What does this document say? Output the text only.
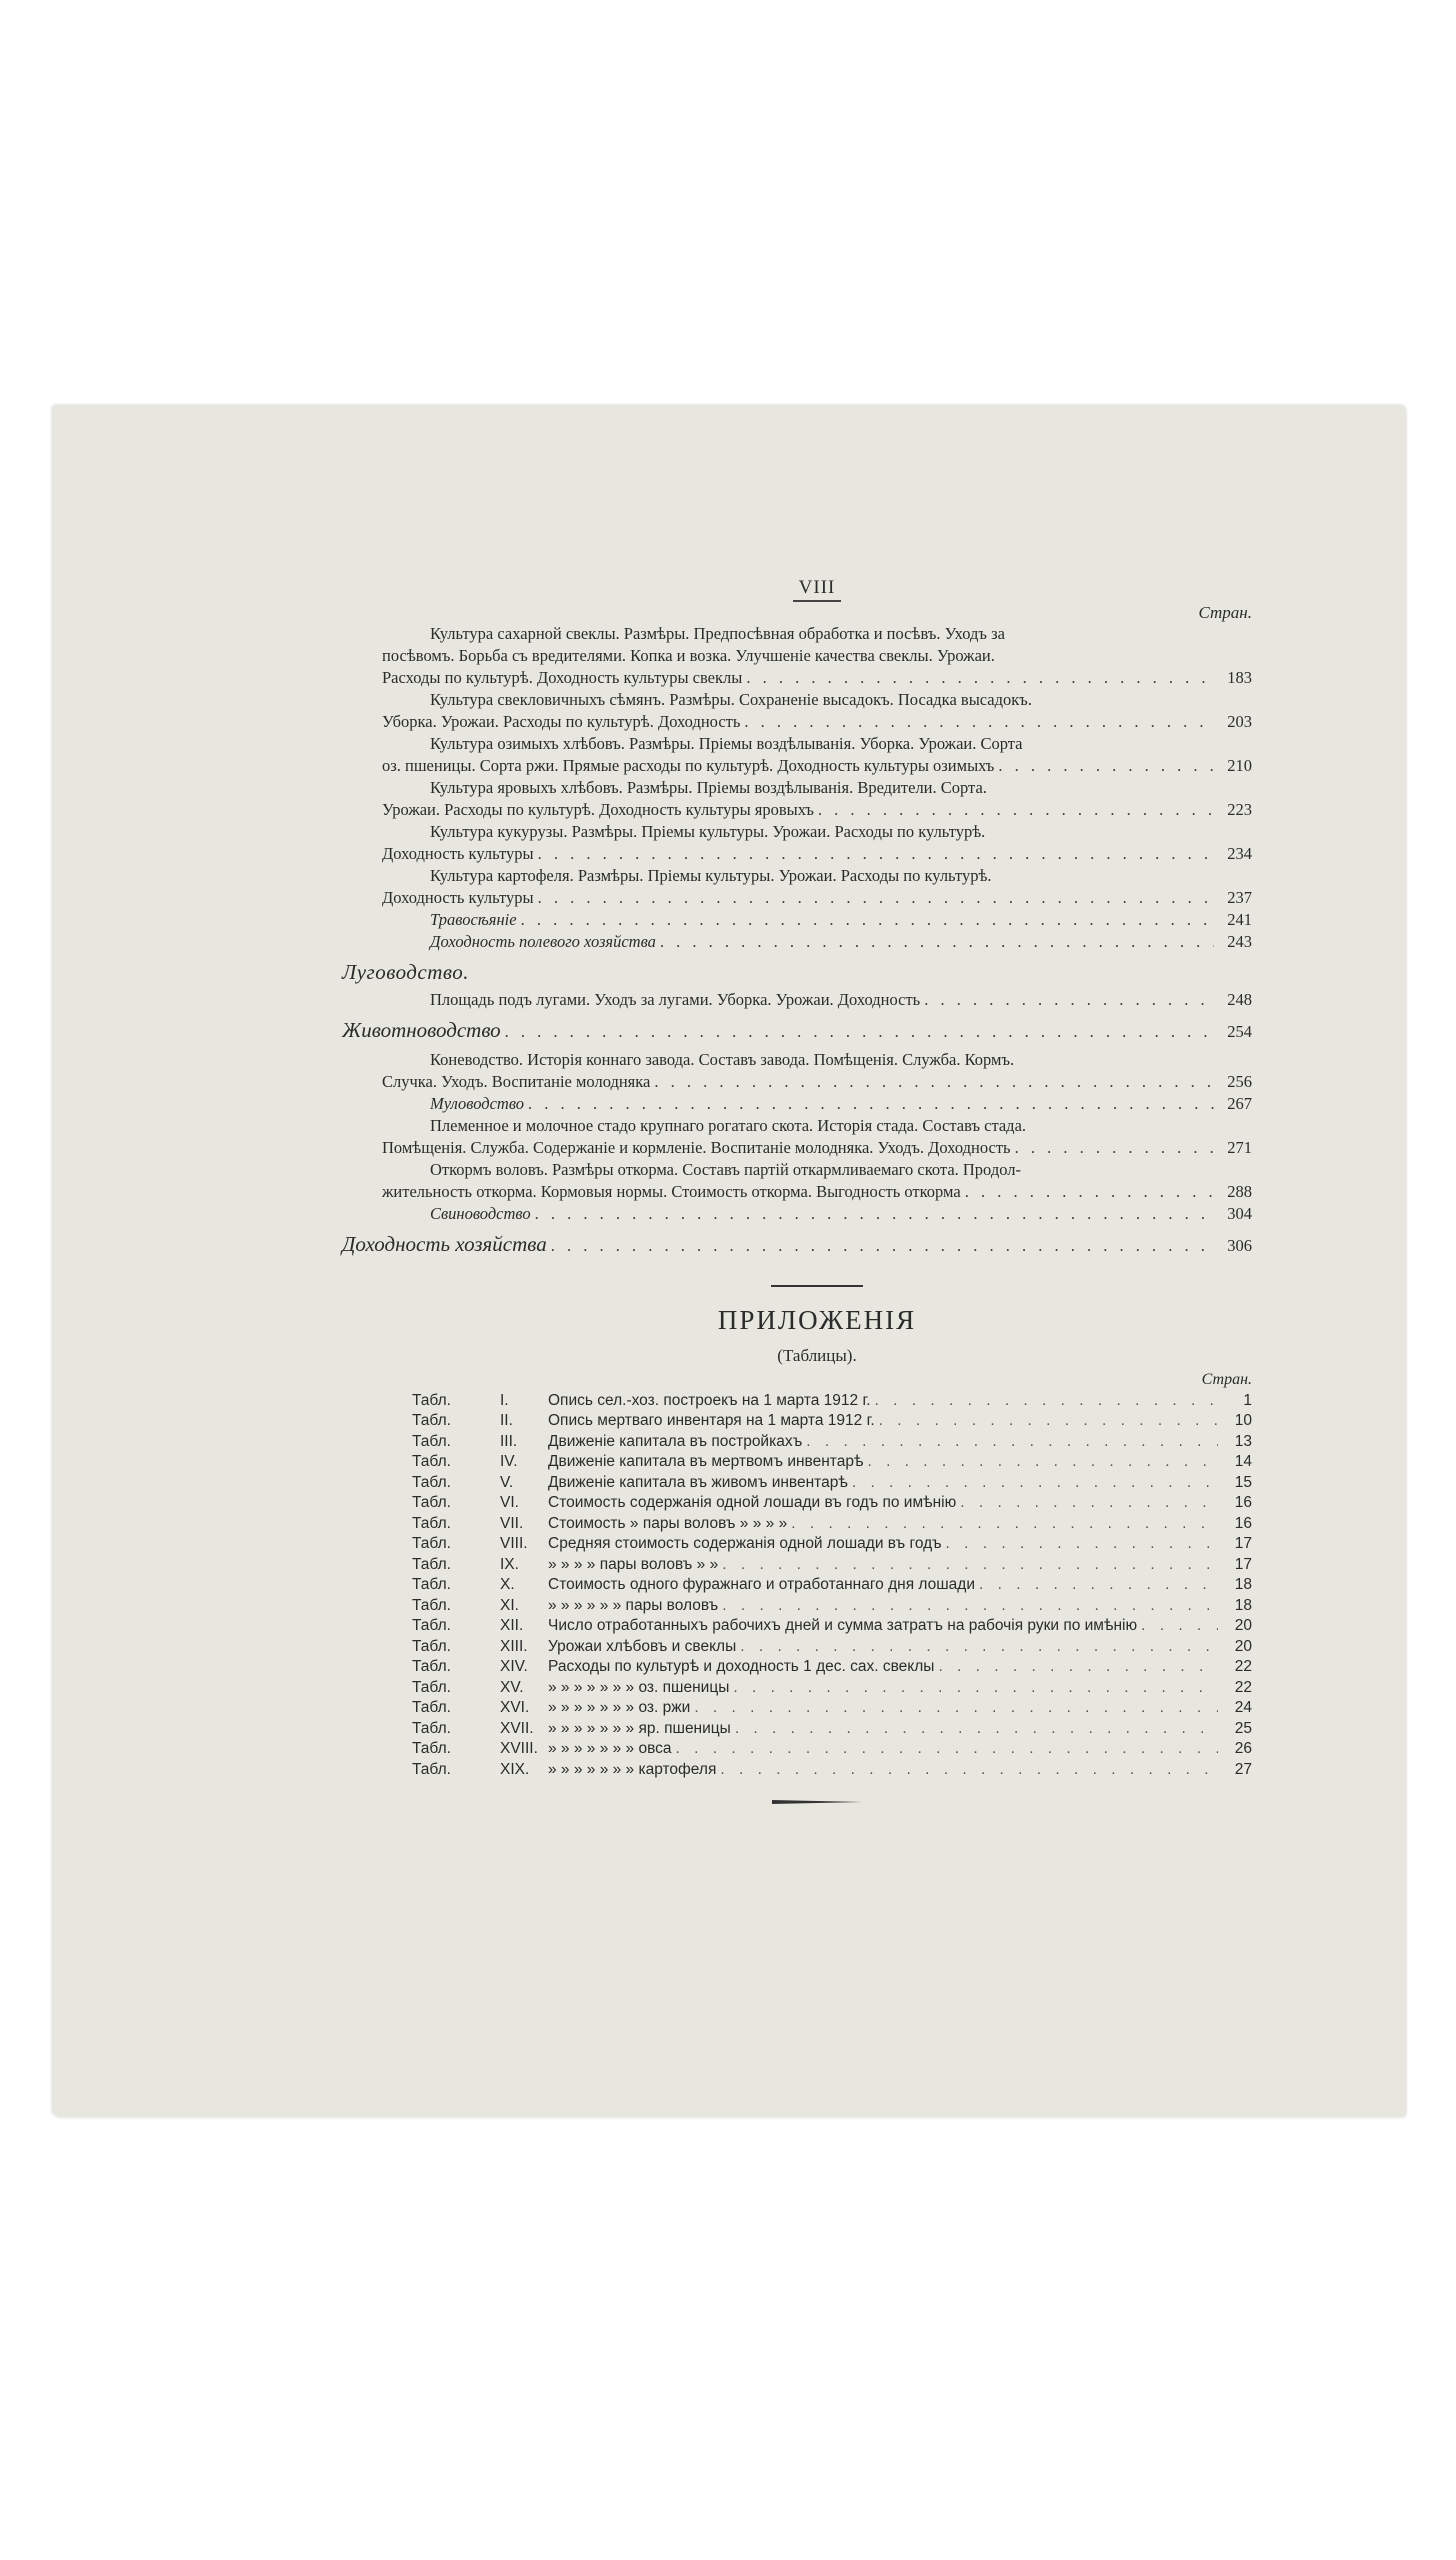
VIII
Стран.
Культура сахарной свеклы. Размѣры. Предпосѣвная обработка и посѣвъ. Уходъ за
посѣвомъ. Борьба съ вредителями. Копка и возка. Улучшеніе качества свеклы. Урожаи.
Расходы по культурѣ. Доходность культуры свеклы . . .	183
Культура свекловичныхъ сѣмянъ. Размѣры. Сохраненіе высадокъ. Посадка высадокъ.
Уборка. Урожаи. Расходы по культурѣ. Доходность . . .	203
Культура озимыхъ хлѣбовъ. Размѣры. Пріемы воздѣлыванія. Уборка. Урожаи. Сорта
оз. пшеницы. Сорта ржи. Прямые расходы по культурѣ. Доходность культуры озимыхъ . . .	210
Культура яровыхъ хлѣбовъ. Размѣры. Пріемы воздѣлыванія. Вредители. Сорта.
Урожаи. Расходы по культурѣ. Доходность культуры яровыхъ . . .	223
Культура кукурузы. Размѣры. Пріемы культуры. Урожаи. Расходы по культурѣ.
Доходность культуры . . .	234
Культура картофеля. Размѣры. Пріемы культуры. Урожаи. Расходы по культурѣ.
Доходность культуры . . .	237
Травосѣяніе . . .	241
Доходность полевого хозяйства . . .	243
Луговодство.
Площадь подъ лугами. Уходъ за лугами. Уборка. Урожаи. Доходность . . .	248
Животноводство . . .	254
Коневодство. Исторія коннаго завода. Составъ завода. Помѣщенія. Служба. Кормъ.
Случка. Уходъ. Воспитаніе молодняка . . .	256
Муловодство . . .	267
Племенное и молочное стадо крупнаго рогатаго скота. Исторія стада. Составъ стада.
Помѣщенія. Служба. Содержаніе и кормленіе. Воспитаніе молодняка. Уходъ. Доходность . . .	271
Откормъ воловъ. Размѣры откорма. Составъ партій откармливаемаго скота. Продол-
жительность откорма. Кормовыя нормы. Стоимость откорма. Выгодность откорма . . .	288
Свиноводство . . .	304
Доходность хозяйства . . .	306
ПРИЛОЖЕНІЯ
(Таблицы).
Стран.
Табл.	I.	Опись сел.-хоз. построекъ на 1 марта 1912 г. . . .	1
Табл.	II.	Опись мертваго инвентаря на 1 марта 1912 г. . . .	10
Табл.	III.	Движеніе капитала въ постройкахъ . . .	13
Табл.	IV.	Движеніе капитала въ мертвомъ инвентарѣ . . .	14
Табл.	V.	Движеніе капитала въ живомъ инвентарѣ . . .	15
Табл.	VI.	Стоимость содержанія одной лошади въ годъ по имѣнію . . .	16
Табл.	VII.	Стоимость » пары воловъ » » » » . . .	16
Табл.	VIII.	Средняя стоимость содержанія одной лошади въ годъ . . .	17
Табл.	IX.	» » » » пары воловъ » » . . .	17
Табл.	X.	Стоимость одного фуражнаго и отработаннаго дня лошади . . .	18
Табл.	XI.	» » » » » » пары воловъ . . .	18
Табл.	XII.	Число отработанныхъ рабочихъ дней и сумма затратъ на рабочія руки по имѣнію . . .	20
Табл.	XIII.	Урожаи хлѣбовъ и свеклы . . .	20
Табл.	XIV.	Расходы по культурѣ и доходность 1 дес. сах. свеклы . . .	22
Табл.	XV.	» » » » » » » оз. пшеницы . . .	22
Табл.	XVI.	» » » » » » » оз. ржи . . .	24
Табл.	XVII. » » » » » » » яр. пшеницы . . .	25
Табл.	XVIII. » » » » » » » овса . . .	26
Табл.	XIX.	» » » » » » » картофеля . . .	27
